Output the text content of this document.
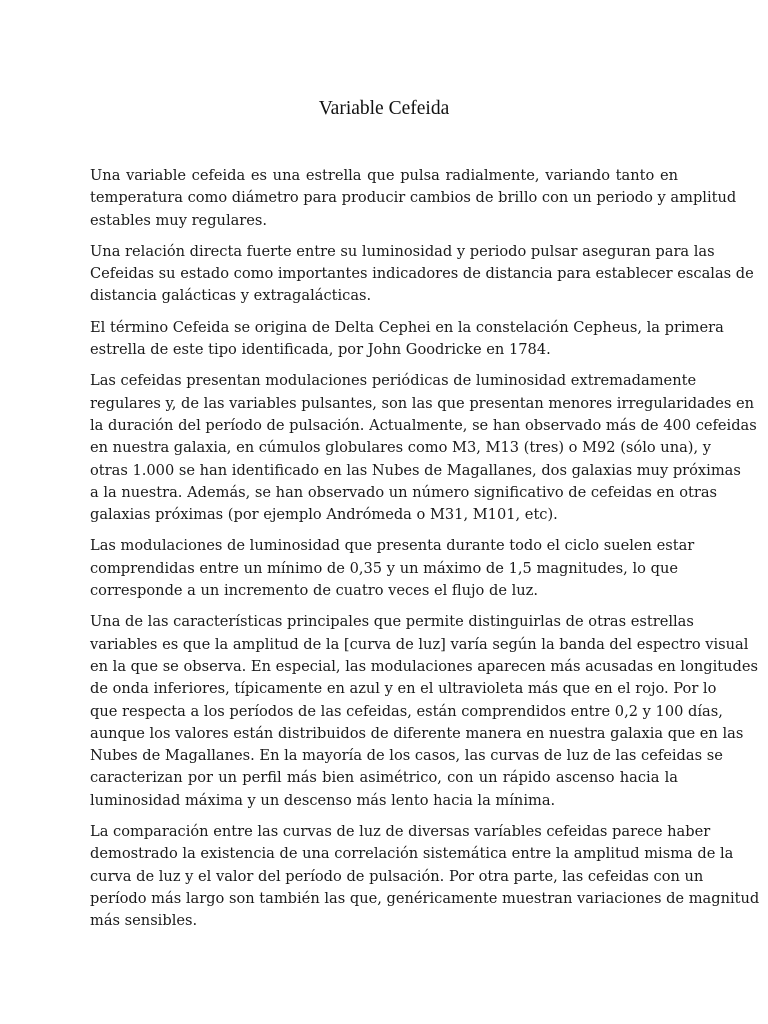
Variable Cefeida
Una variable cefeida es una estrella que pulsa radialmente, variando tanto en
temperatura como diámetro para producir cambios de brillo con un periodo y amplitud
estables muy regulares.
Una relación directa fuerte entre su luminosidad y periodo pulsar aseguran para las
Cefeidas su estado como importantes indicadores de distancia para establecer escalas de
distancia galácticas y extragalácticas.
El término Cefeida se origina de Delta Cephei en la constelación Cepheus, la primera
estrella de este tipo identificada, por John Goodricke en 1784.
Las cefeidas presentan modulaciones periódicas de luminosidad extremadamente
regulares y, de las variables pulsantes, son las que presentan menores irregularidades en
la duración del período de pulsación. Actualmente, se han observado más de 400 cefeidas
en nuestra galaxia, en cúmulos globulares como M3, M13 (tres) o M92 (sólo una), y
otras 1.000 se han identificado en las Nubes de Magallanes, dos galaxias muy próximas
a la nuestra. Además, se han observado un número significativo de cefeidas en otras
galaxias próximas (por ejemplo Andrómeda o M31, M101, etc).
Las modulaciones de luminosidad que presenta durante todo el ciclo suelen estar
comprendidas entre un mínimo de 0,35 y un máximo de 1,5 magnitudes, lo que
corresponde a un incremento de cuatro veces el flujo de luz.
Una de las características principales que permite distinguirlas de otras estrellas
variables es que la amplitud de la [curva de luz] varía según la banda del espectro visual
en la que se observa. En especial, las modulaciones aparecen más acusadas en longitudes
de onda inferiores, típicamente en azul y en el ultravioleta más que en el rojo. Por lo
que respecta a los períodos de las cefeidas, están comprendidos entre 0,2 y 100 días,
aunque los valores están distribuidos de diferente manera en nuestra galaxia que en las
Nubes de Magallanes. En la mayoría de los casos, las curvas de luz de las cefeidas se
caracterizan por un perfil más bien asimétrico, con un rápido ascenso hacia la
luminosidad máxima y un descenso más lento hacia la mínima.
La comparación entre las curvas de luz de diversas varíables cefeidas parece haber
demostrado la existencia de una correlación sistemática entre la amplitud misma de la
curva de luz y el valor del período de pulsación. Por otra parte, las cefeidas con un
período más largo son también las que, genéricamente muestran variaciones de magnitud
más sensibles.
